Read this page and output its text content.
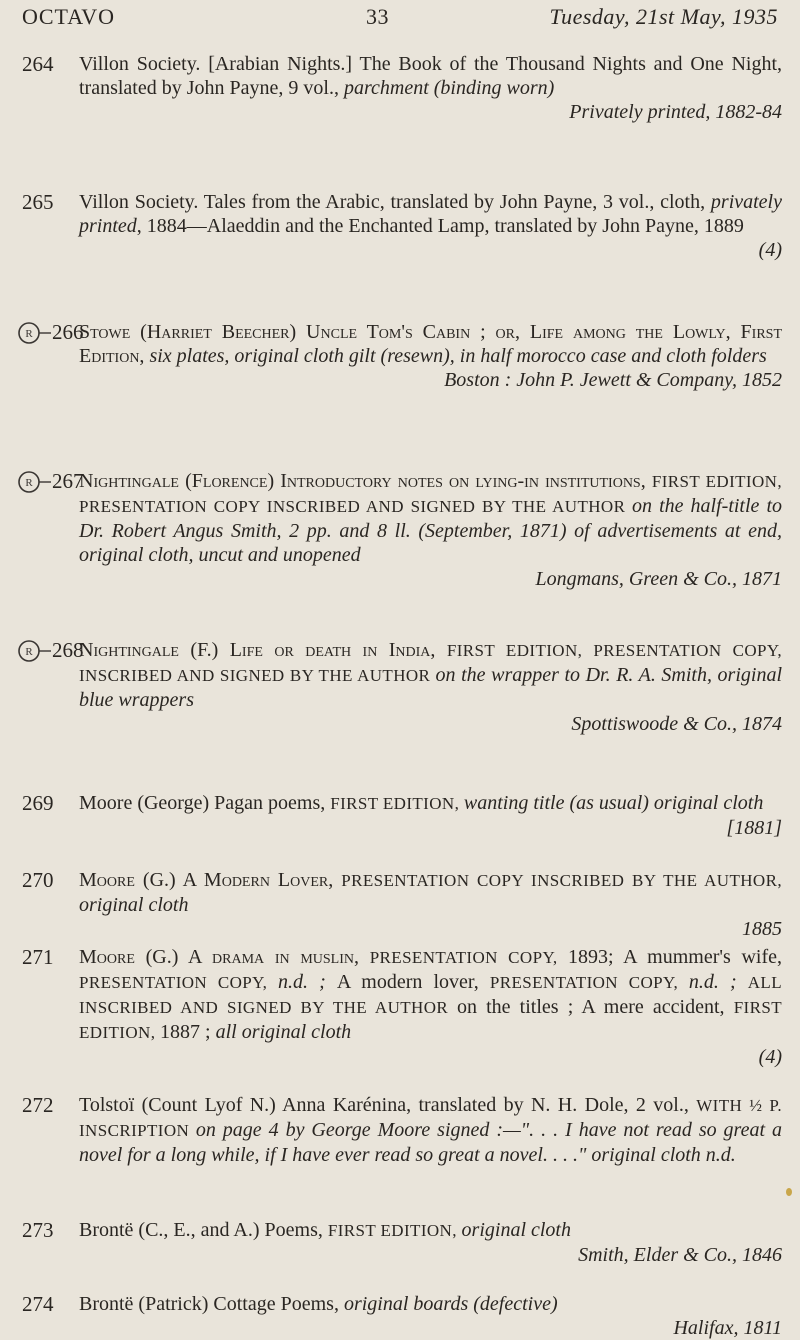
OCTAVO	33	Tuesday, 21st May, 1935
264	Villon Society. [Arabian Nights.] The Book of the Thousand Nights and One Night, translated by John Payne, 9 vol., parchment (binding worn)
Privately printed, 1882-84
265	Villon Society. Tales from the Arabic, translated by John Payne, 3 vol., cloth, privately printed, 1884—Alaeddin and the Enchanted Lamp, translated by John Payne, 1889
(4)
R 266
Stowe (Harriet Beecher) Uncle Tom's Cabin ; or, Life among the Lowly, First Edition, six plates, original cloth gilt (resewn), in half morocco case and cloth folders
Boston : John P. Jewett & Company, 1852
R 267
Nightingale (Florence) Introductory notes on lying-in institutions, FIRST EDITION, PRESENTATION COPY INSCRIBED AND SIGNED BY THE AUTHOR on the half-title to Dr. Robert Angus Smith, 2 pp. and 8 ll. (September, 1871) of advertisements at end, original cloth, uncut and unopened
Longmans, Green & Co., 1871
R 268
Nightingale (F.) Life or death in India, FIRST EDITION, PRESENTATION COPY, INSCRIBED AND SIGNED BY THE AUTHOR on the wrapper to Dr. R. A. Smith, original blue wrappers
Spottiswoode & Co., 1874
269	Moore (George) Pagan poems, FIRST EDITION, wanting title (as usual) original cloth
[1881]
270	Moore (G.) A Modern Lover, PRESENTATION COPY INSCRIBED BY THE AUTHOR, original cloth
1885
271	Moore (G.) A drama in muslin, PRESENTATION COPY, 1893; A mummer's wife, PRESENTATION COPY, n.d. ; A modern lover, PRESENTATION COPY, n.d. ; ALL INSCRIBED AND SIGNED BY THE AUTHOR on the titles ; A mere accident, FIRST EDITION, 1887 ; all original cloth
(4)
272	Tolstoï (Count Lyof N.) Anna Karénina, translated by N. H. Dole, 2 vol., WITH ½ P. INSCRIPTION on page 4 by George Moore signed :—". . . I have not read so great a novel for a long while, if I have ever read so great a novel. . . ." original cloth n.d.
273	Brontë (C., E., and A.) Poems, FIRST EDITION, original cloth
Smith, Elder & Co., 1846
274	Brontë (Patrick) Cottage Poems, original boards (defective)
Halifax, 1811
